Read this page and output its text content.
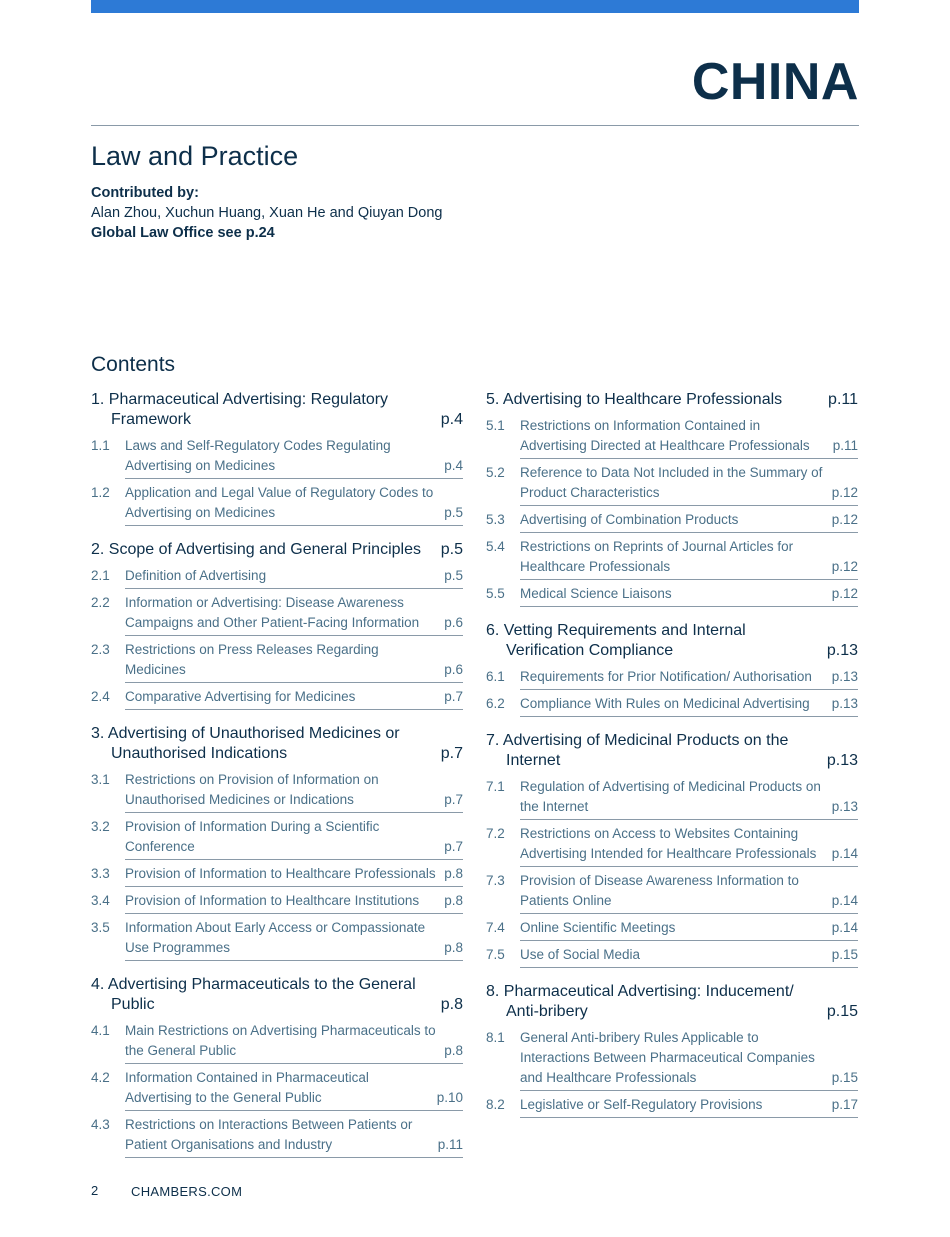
CHINA
Law and Practice
Contributed by:
Alan Zhou, Xuchun Huang, Xuan He and Qiuyan Dong
Global Law Office see p.24
Contents
1. Pharmaceutical Advertising: Regulatory Framework	p.4
1.1	Laws and Self-Regulatory Codes Regulating Advertising on Medicines	p.4
1.2	Application and Legal Value of Regulatory Codes to Advertising on Medicines	p.5
2. Scope of Advertising and General Principles	p.5
2.1	Definition of Advertising	p.5
2.2	Information or Advertising: Disease Awareness Campaigns and Other Patient-Facing Information	p.6
2.3	Restrictions on Press Releases Regarding Medicines	p.6
2.4	Comparative Advertising for Medicines	p.7
3. Advertising of Unauthorised Medicines or Unauthorised Indications	p.7
3.1	Restrictions on Provision of Information on Unauthorised Medicines or Indications	p.7
3.2	Provision of Information During a Scientific Conference	p.7
3.3	Provision of Information to Healthcare Professionals p.8
3.4	Provision of Information to Healthcare Institutions	p.8
3.5	Information About Early Access or Compassionate Use Programmes	p.8
4. Advertising Pharmaceuticals to the General Public	p.8
4.1	Main Restrictions on Advertising Pharmaceuticals to the General Public	p.8
4.2	Information Contained in Pharmaceutical Advertising to the General Public	p.10
4.3	Restrictions on Interactions Between Patients or Patient Organisations and Industry	p.11
5. Advertising to Healthcare Professionals	p.11
5.1	Restrictions on Information Contained in Advertising Directed at Healthcare Professionals	p.11
5.2	Reference to Data Not Included in the Summary of Product Characteristics	p.12
5.3	Advertising of Combination Products	p.12
5.4	Restrictions on Reprints of Journal Articles for Healthcare Professionals	p.12
5.5	Medical Science Liaisons	p.12
6. Vetting Requirements and Internal Verification Compliance	p.13
6.1	Requirements for Prior Notification/ Authorisation	p.13
6.2	Compliance With Rules on Medicinal Advertising	p.13
7. Advertising of Medicinal Products on the Internet	p.13
7.1	Regulation of Advertising of Medicinal Products on the Internet	p.13
7.2	Restrictions on Access to Websites Containing Advertising Intended for Healthcare Professionals	p.14
7.3	Provision of Disease Awareness Information to Patients Online	p.14
7.4	Online Scientific Meetings	p.14
7.5	Use of Social Media	p.15
8. Pharmaceutical Advertising: Inducement/ Anti-bribery	p.15
8.1	General Anti-bribery Rules Applicable to Interactions Between Pharmaceutical Companies and Healthcare Professionals	p.15
8.2	Legislative or Self-Regulatory Provisions	p.17
2	CHAMBERS.COM
